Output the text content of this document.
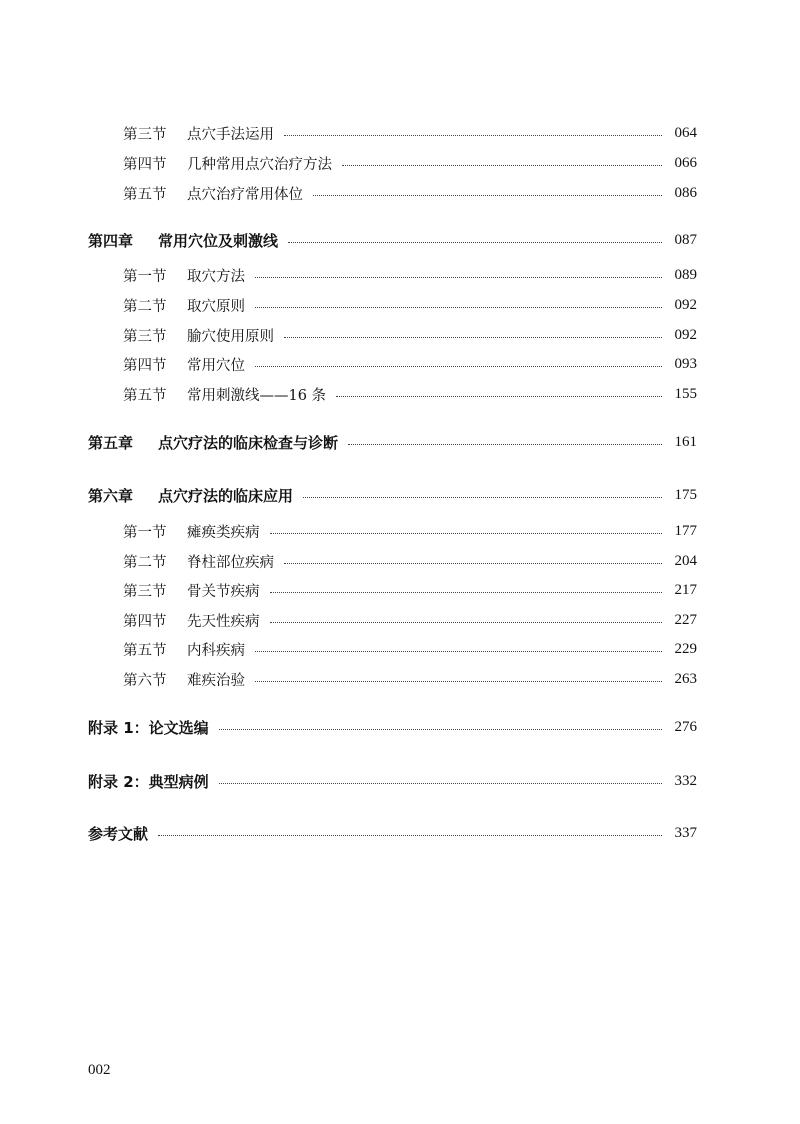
第三节 点穴手法运用	064
第四节 几种常用点穴治疗方法	066
第五节 点穴治疗常用体位	086
第四章 常用穴位及刺激线	087
第一节 取穴方法	089
第二节 取穴原则	092
第三节 腧穴使用原则	092
第四节 常用穴位	093
第五节 常用刺激线——16 条	155
第五章 点穴疗法的临床检查与诊断	161
第六章 点穴疗法的临床应用	175
第一节 瘫痪类疾病	177
第二节 脊柱部位疾病	204
第三节 骨关节疾病	217
第四节 先天性疾病	227
第五节 内科疾病	229
第六节 难疾治验	263
附录 1：论文选编	276
附录 2：典型病例	332
参考文献	337
002
